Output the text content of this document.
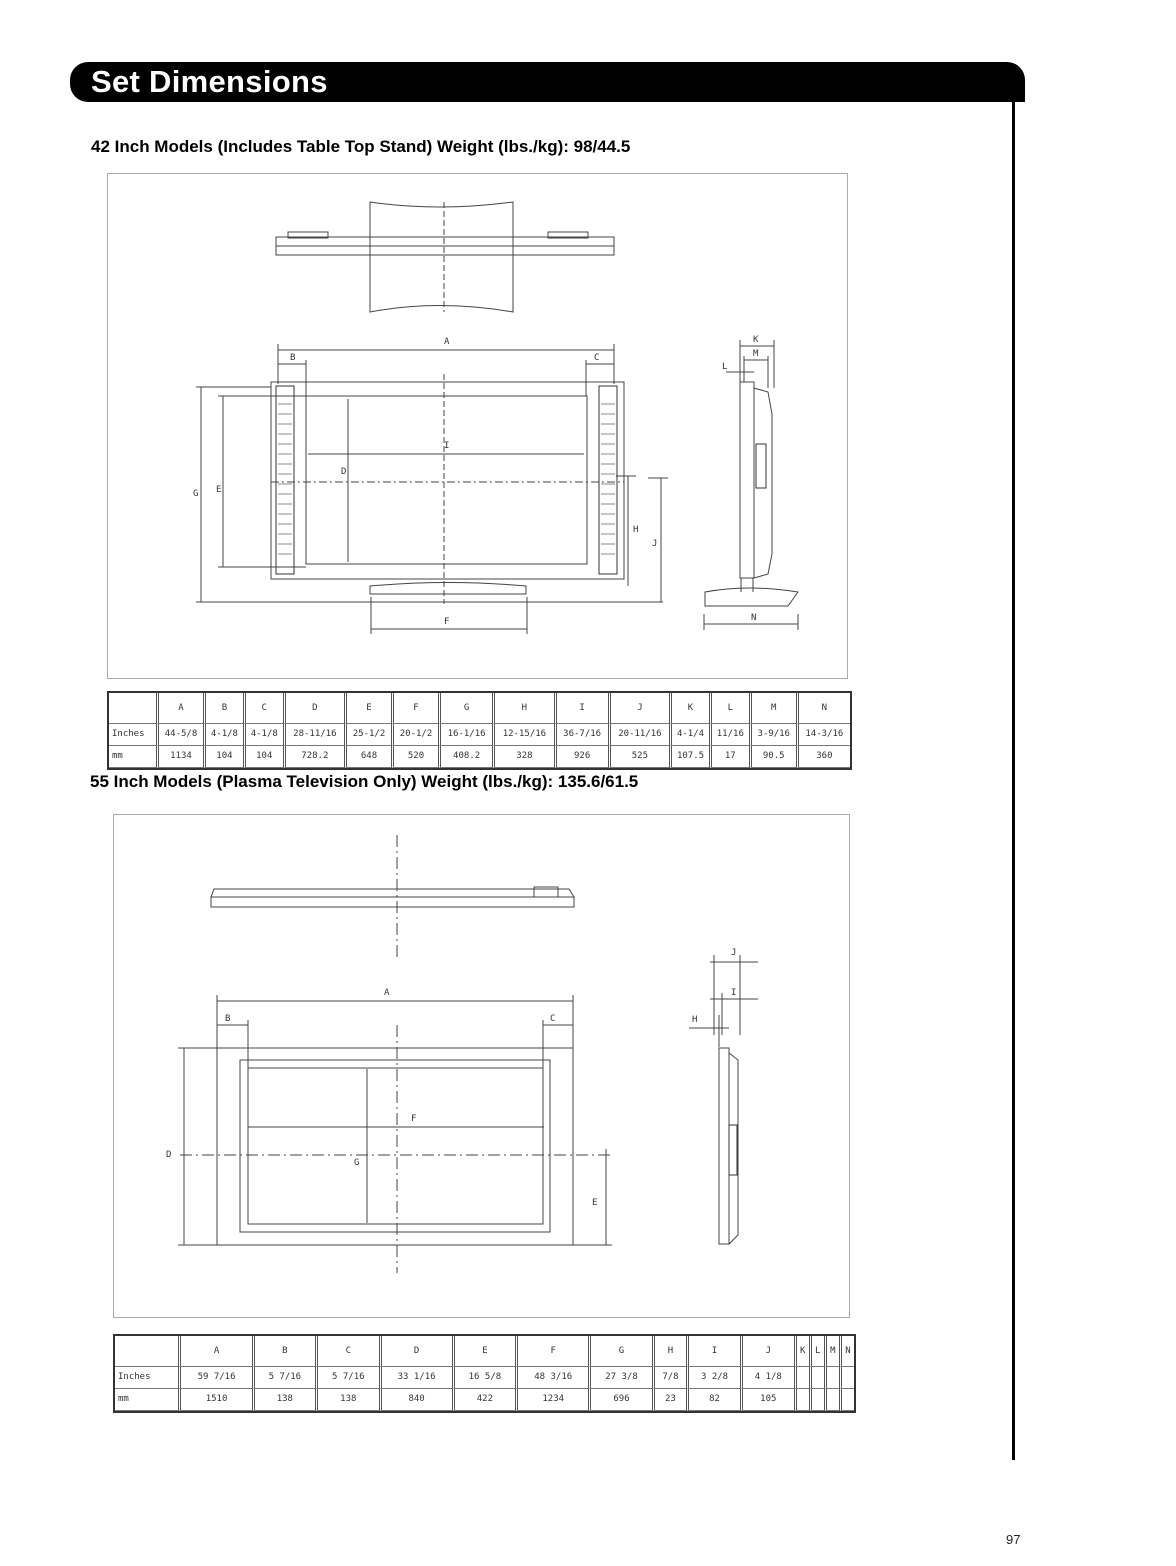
Set Dimensions
42 Inch Models (Includes Table Top Stand) Weight (lbs./kg): 98/44.5
A
B	C
D
E
F
G
H
I
J
K
L
M
N
	A	B	C	D	E	F	G	H	I	J	K	L	M	N
Inches	44-5/8	4-1/8	4-1/8	28-11/16	25-1/2	20-1/2	16-1/16	12-15/16	36-7/16	20-11/16	4-1/4	11/16	3-9/16	14-3/16
mm	1134	104	104	728.2	648	520	408.2	328	926	525	107.5	17	90.5	360
55 Inch Models (Plasma Television Only) Weight (lbs./kg): 135.6/61.5
A
B	C
D
E
F
G
H
I
J
	A	B	C	D	E	F	G	H	I	J	K	L	M	N
Inches	59 7/16	5 7/16	5 7/16	33 1/16	16 5/8	48 3/16	27 3/8	7/8	3 2/8	4 1/8				
mm	1510	138	138	840	422	1234	696	23	82	105				
97
